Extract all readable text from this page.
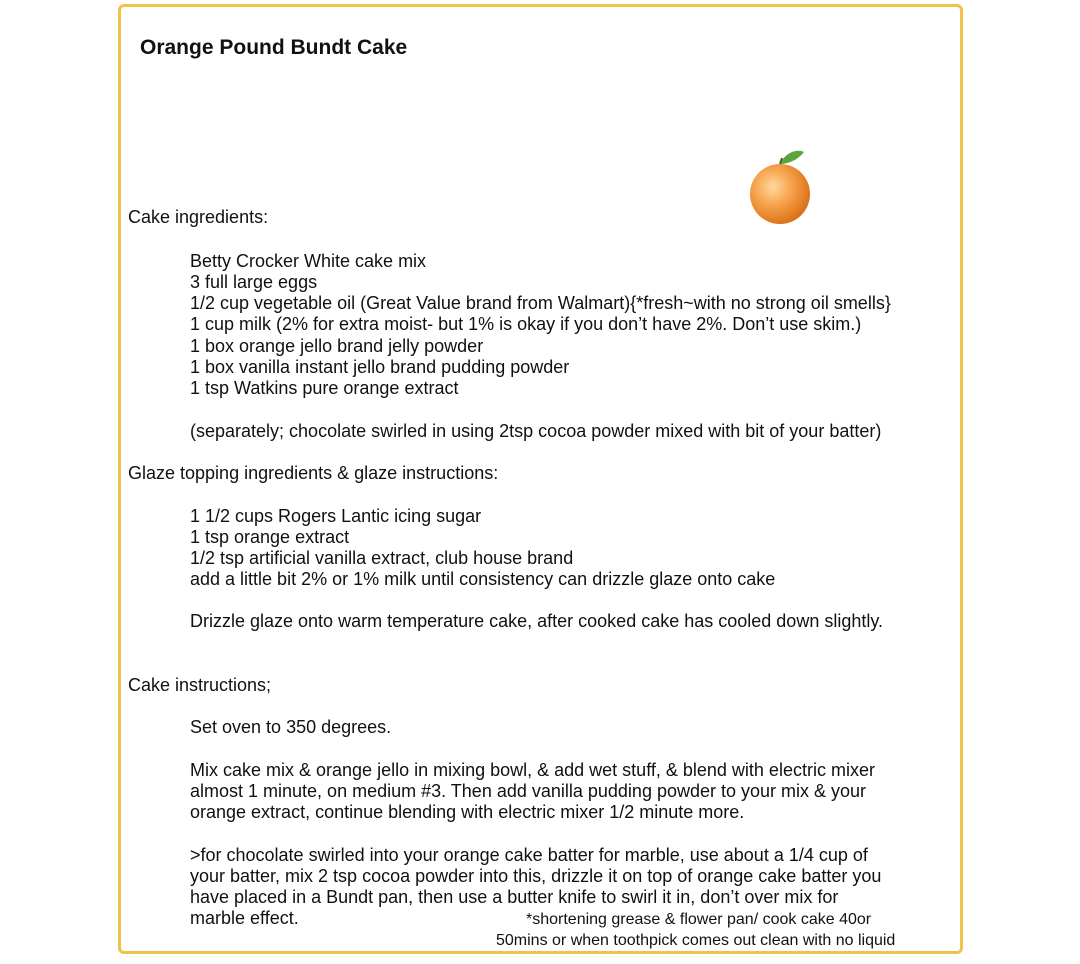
Orange Pound Bundt Cake
Cake ingredients:
Betty Crocker White cake mix
3 full large eggs
1/2 cup vegetable oil (Great Value brand from Walmart){*fresh~with no strong oil smells}
1 cup milk (2% for extra moist- but 1% is okay if you don’t have 2%. Don’t use skim.)
1 box orange jello brand jelly powder
1 box vanilla instant jello brand pudding powder
1 tsp Watkins pure orange extract
(separately; chocolate swirled in using 2tsp cocoa powder mixed with bit of your batter)
Glaze topping ingredients & glaze instructions:
1 1/2 cups Rogers Lantic icing sugar
1 tsp orange extract
1/2 tsp artificial vanilla extract, club house brand
add a little bit 2% or 1% milk until consistency can drizzle glaze onto cake
Drizzle glaze onto warm temperature cake, after cooked cake has cooled down slightly.
Cake instructions;
Set oven to 350 degrees.
Mix cake mix & orange jello in mixing bowl, & add wet stuff, & blend with electric mixer
almost 1 minute, on medium #3. Then add vanilla pudding powder to your mix & your
orange extract, continue blending with electric mixer 1/2 minute more.
>for chocolate swirled into your orange cake batter for marble, use about a 1/4 cup of
your batter, mix 2 tsp cocoa powder into this, drizzle it on top of orange cake batter you
have placed in a Bundt pan, then use a butter knife to swirl it in, don’t over mix for
marble effect.	*shortening grease & flower pan/ cook cake 40or
50mins or when toothpick comes out clean with no liquid
